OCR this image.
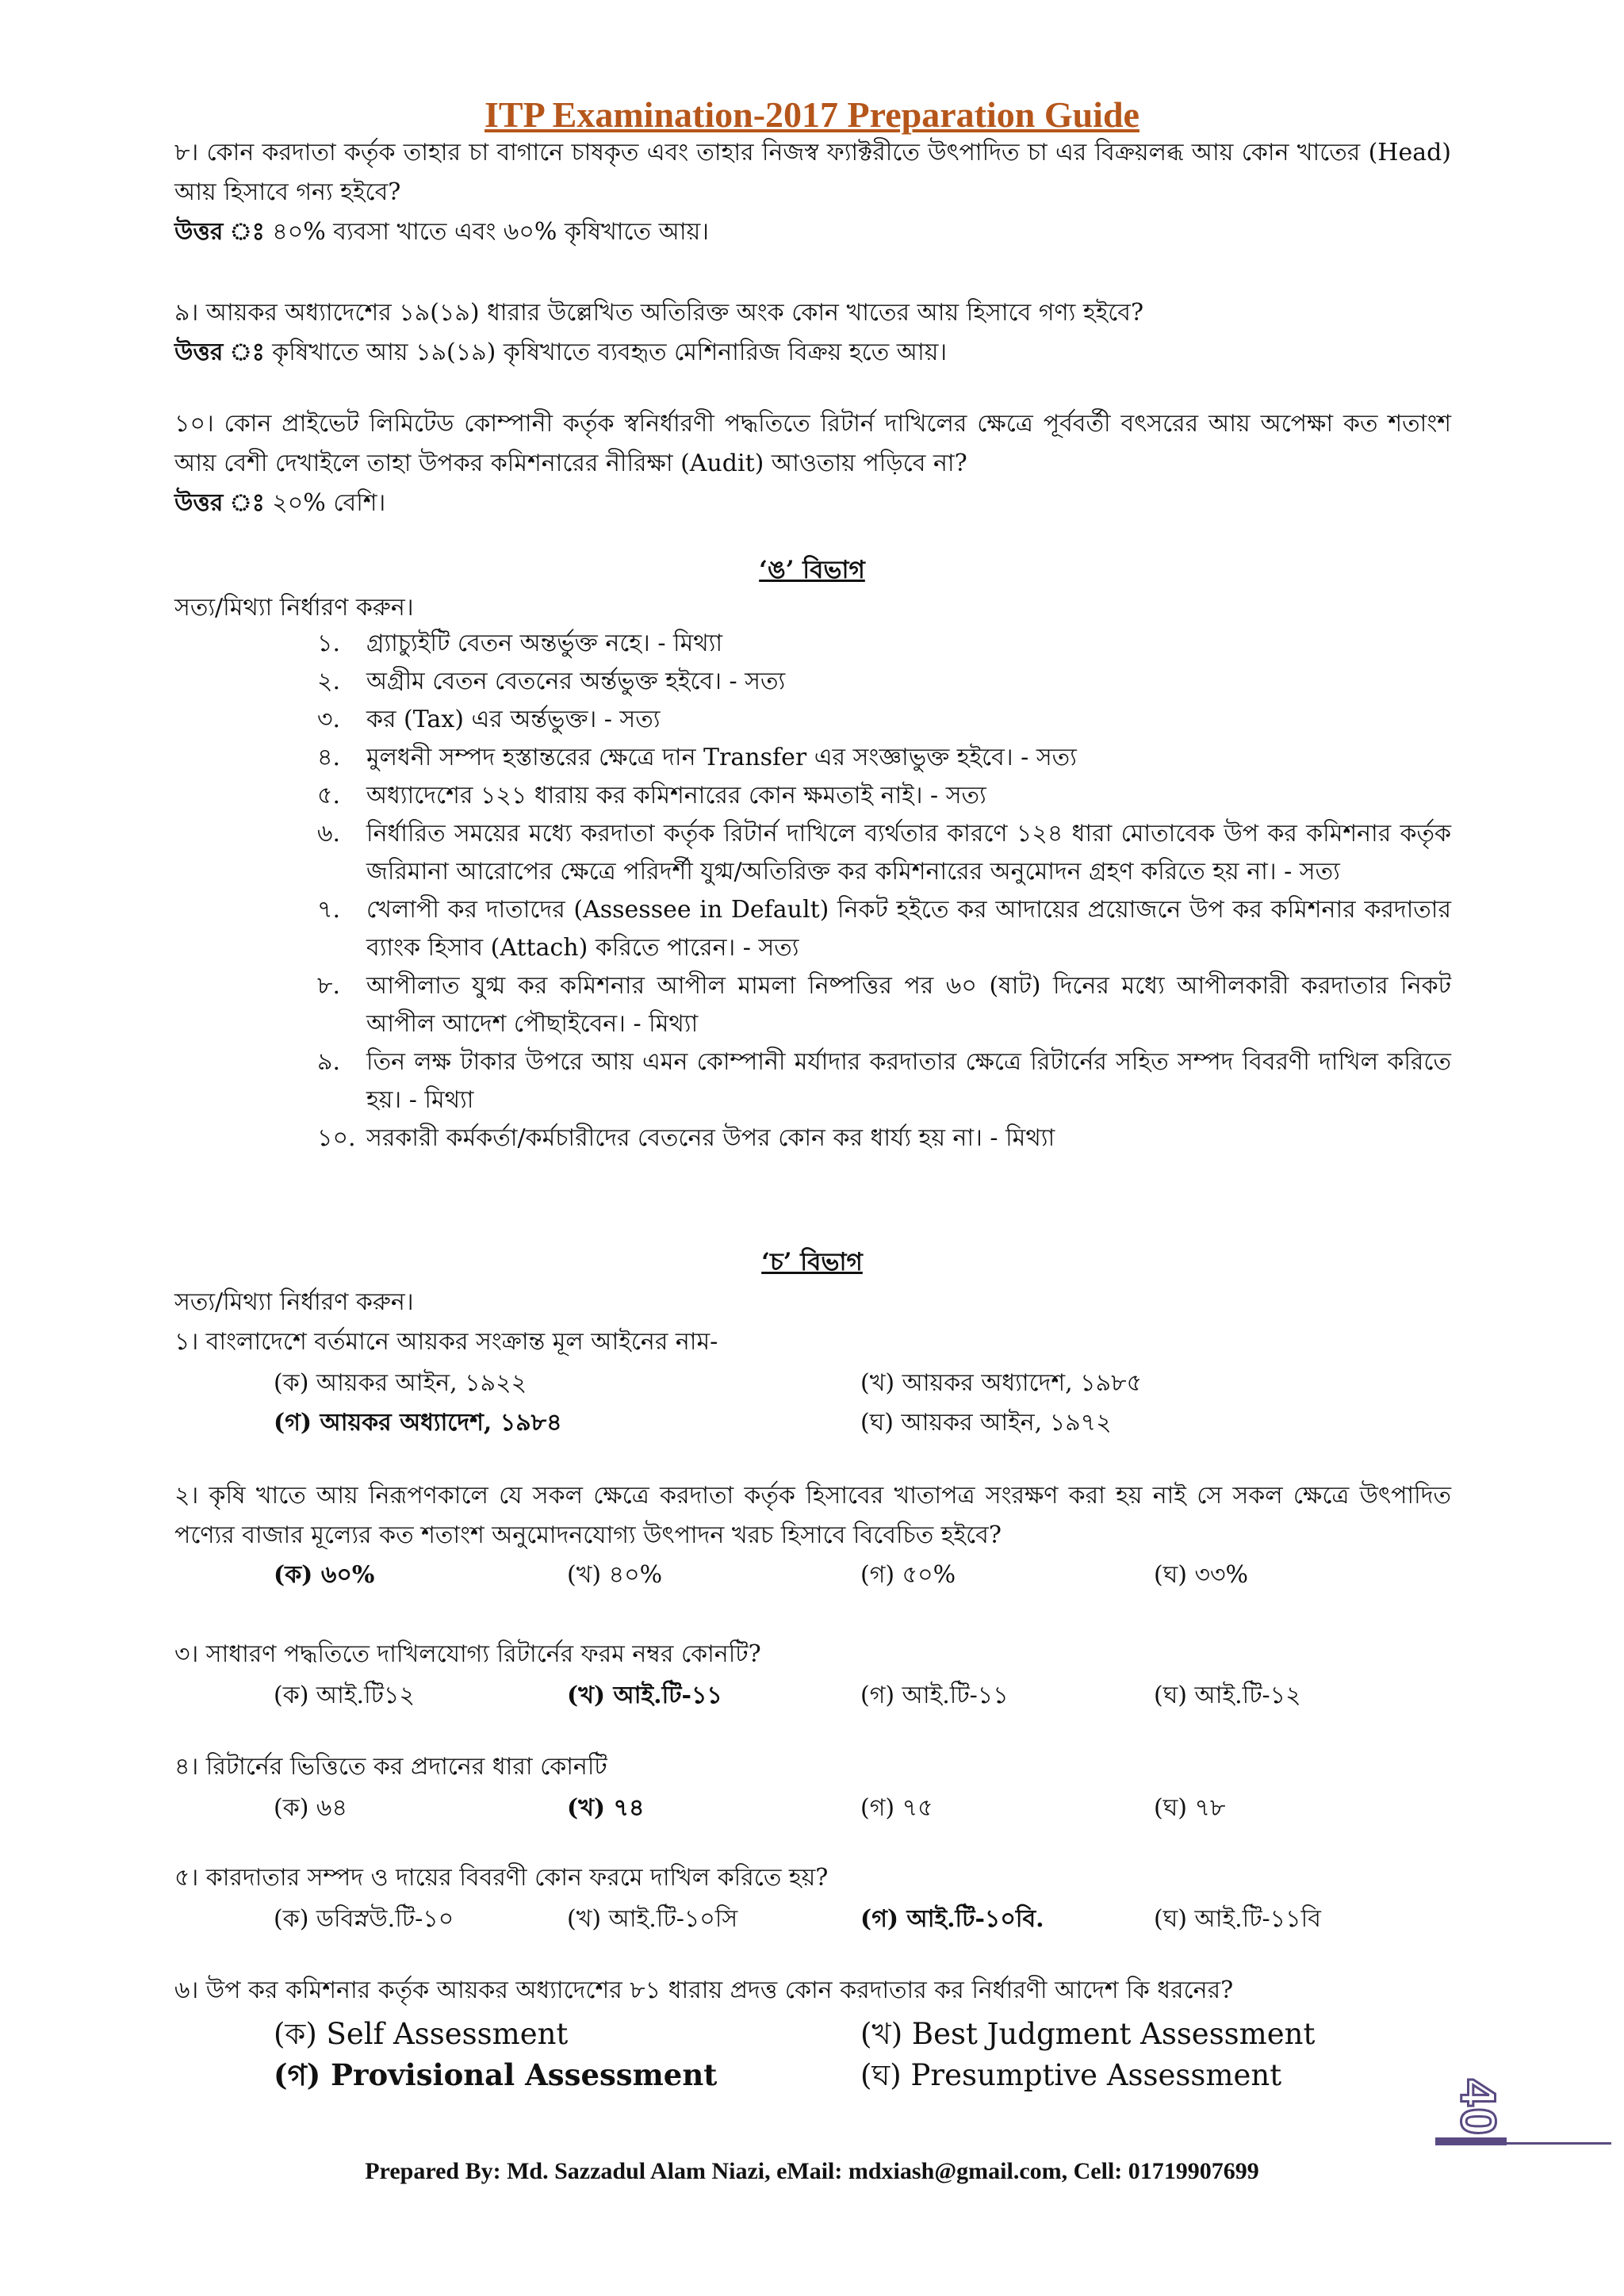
ITP Examination-2017 Preparation Guide
৮। কোন করদাতা কর্তৃক তাহার চা বাগানে চাষকৃত এবং তাহার নিজস্ব ফ্যাক্টরীতে উৎপাদিত চা এর বিক্রয়লব্ধ আয় কোন খাতের (Head) আয় হিসাবে গন্য হইবে?
উত্তর ঃ ৪০% ব্যবসা খাতে এবং ৬০% কৃষিখাতে আয়।
৯। আয়কর অধ্যাদেশের ১৯(১৯) ধারার উল্লেখিত অতিরিক্ত অংক কোন খাতের আয় হিসাবে গণ্য হইবে?
উত্তর ঃ কৃষিখাতে আয় ১৯(১৯) কৃষিখাতে ব্যবহৃত মেশিনারিজ বিক্রয় হতে আয়।
১০। কোন প্রাইভেট লিমিটেড কোম্পানী কর্তৃক স্বনির্ধারণী পদ্ধতিতে রিটার্ন দাখিলের ক্ষেত্রে পূর্ববর্তী বৎসরের আয় অপেক্ষা কত শতাংশ আয় বেশী দেখাইলে তাহা উপকর কমিশনারের নীরিক্ষা (Audit) আওতায় পড়িবে না?
উত্তর ঃ ২০% বেশি।
‘ঙ’ বিভাগ
সত্য/মিথ্যা নির্ধারণ করুন।
১.	গ্র্যাচ্যুইটি বেতন অন্তর্ভুক্ত নহে। - মিথ্যা
২.	অগ্রীম বেতন বেতনের অর্ন্তভুক্ত হইবে। - সত্য
৩.	কর (Tax) এর অর্ন্তভুক্ত। - সত্য
৪.	মুলধনী সম্পদ হস্তান্তরের ক্ষেত্রে দান Transfer এর সংজ্ঞাভুক্ত হইবে। - সত্য
৫.	অধ্যাদেশের ১২১ ধারায় কর কমিশনারের কোন ক্ষমতাই নাই। - সত্য
৬.	নির্ধারিত সময়ের মধ্যে করদাতা কর্তৃক রিটার্ন দাখিলে ব্যর্থতার কারণে ১২৪ ধারা মোতাবেক উপ কর কমিশনার কর্তৃক জরিমানা আরোপের ক্ষেত্রে পরিদর্শী যুগ্ম/অতিরিক্ত কর কমিশনারের অনুমোদন গ্রহণ করিতে হয় না। - সত্য
৭.	খেলাপী কর দাতাদের (Assessee in Default) নিকট হইতে কর আদায়ের প্রয়োজনে উপ কর কমিশনার করদাতার ব্যাংক হিসাব (Attach) করিতে পারেন। - সত্য
৮.	আপীলাত যুগ্ম কর কমিশনার আপীল মামলা নিষ্পত্তির পর ৬০ (ষাট) দিনের মধ্যে আপীলকারী করদাতার নিকট আপীল আদেশ পৌছাইবেন। - মিথ্যা
৯.	তিন লক্ষ টাকার উপরে আয় এমন কোম্পানী মর্যাদার করদাতার ক্ষেত্রে রিটার্নের সহিত সম্পদ বিবরণী দাখিল করিতে হয়। - মিথ্যা
১০. সরকারী কর্মকর্তা/কর্মচারীদের বেতনের উপর কোন কর ধার্য্য হয় না। - মিথ্যা
‘চ’ বিভাগ
সত্য/মিথ্যা নির্ধারণ করুন।
১। বাংলাদেশে বর্তমানে আয়কর সংক্রান্ত মূল আইনের নাম-
(ক) আয়কর আইন, ১৯২২	(খ) আয়কর অধ্যাদেশ, ১৯৮৫
(গ) আয়কর অধ্যাদেশ, ১৯৮৪	(ঘ) আয়কর আইন, ১৯৭২
২। কৃষি খাতে আয় নিরূপণকালে যে সকল ক্ষেত্রে করদাতা কর্তৃক হিসাবের খাতাপত্র সংরক্ষণ করা হয় নাই সে সকল ক্ষেত্রে উৎপাদিত পণ্যের বাজার মূল্যের কত শতাংশ অনুমোদনযোগ্য উৎপাদন খরচ হিসাবে বিবেচিত হইবে?
(ক) ৬০%	(খ) ৪০%	(গ) ৫০%	(ঘ) ৩৩%
৩। সাধারণ পদ্ধতিতে দাখিলযোগ্য রিটার্নের ফরম নম্বর কোনটি?
(ক) আই.টি১২	(খ) আই.টি-১১	(গ) আই.টি-১১	(ঘ) আই.টি-১২
৪। রিটার্নের ভিত্তিতে কর প্রদানের ধারা কোনটি
(ক) ৬৪	(খ) ৭৪	(গ) ৭৫	(ঘ) ৭৮
৫। কারদাতার সম্পদ ও দায়ের বিবরণী কোন ফরমে দাখিল করিতে হয়?
(ক) ডবিস্নউ.টি-১০	(খ) আই.টি-১০সি	(গ) আই.টি-১০বি.	(ঘ) আই.টি-১১বি
৬। উপ কর কমিশনার কর্তৃক আয়কর অধ্যাদেশের ৮১ ধারায় প্রদত্ত কোন করদাতার কর নির্ধারণী আদেশ কি ধরনের?
(ক) Self Assessment	(খ) Best Judgment Assessment
(গ) Provisional Assessment	(ঘ) Presumptive Assessment
40
Prepared By: Md. Sazzadul Alam Niazi, eMail: mdxiash@gmail.com, Cell: 01719907699
